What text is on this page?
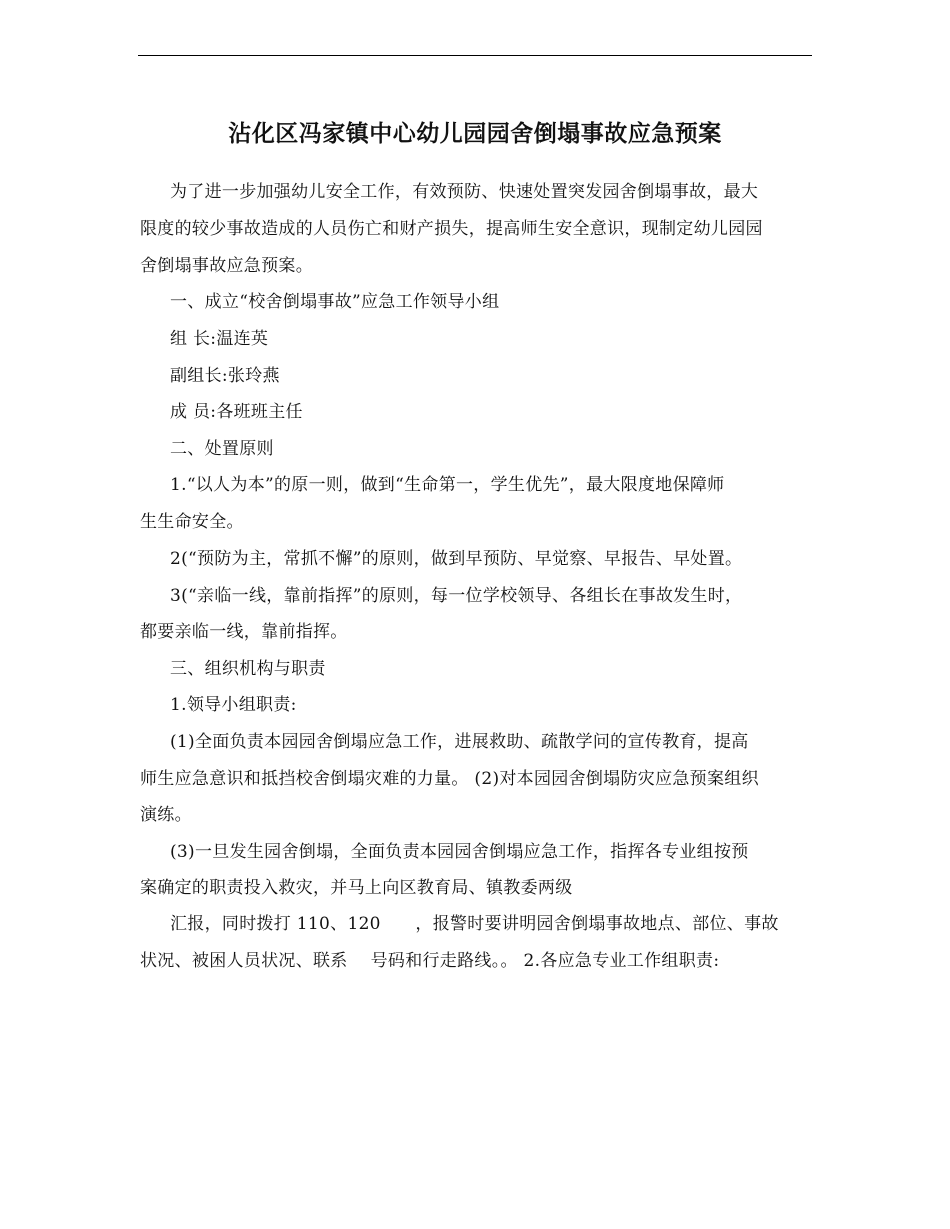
沾化区冯家镇中心幼儿园园舍倒塌事故应急预案
为了进一步加强幼儿安全工作，有效预防、快速处置突发园舍倒塌事故，最大
限度的较少事故造成的人员伤亡和财产损失，提高师生安全意识，现制定幼儿园园
舍倒塌事故应急预案。
一、成立“校舍倒塌事故”应急工作领导小组
组 长:温连英
副组长:张玲燕
成 员:各班班主任
二、处置原则
1.“以人为本”的原一则，做到“生命第一，学生优先”，最大限度地保障师
生生命安全。
2(“预防为主，常抓不懈”的原则，做到早预防、早觉察、早报告、早处置。
3(“亲临一线，靠前指挥”的原则，每一位学校领导、各组长在事故发生时，
都要亲临一线，靠前指挥。
三、组织机构与职责
1.领导小组职责:
(1)全面负责本园园舍倒塌应急工作，进展救助、疏散学问的宣传教育，提高
师生应急意识和抵挡校舍倒塌灾难的力量。 (2)对本园园舍倒塌防灾应急预案组织
演练。
(3)一旦发生园舍倒塌，全面负责本园园舍倒塌应急工作，指挥各专业组按预
案确定的职责投入救灾，并马上向区教育局、镇教委两级
汇报，同时拨打 110、120　　，报警时要讲明园舍倒塌事故地点、部位、事故
状况、被困人员状况、联系　 号码和行走路线。。 2.各应急专业工作组职责:
